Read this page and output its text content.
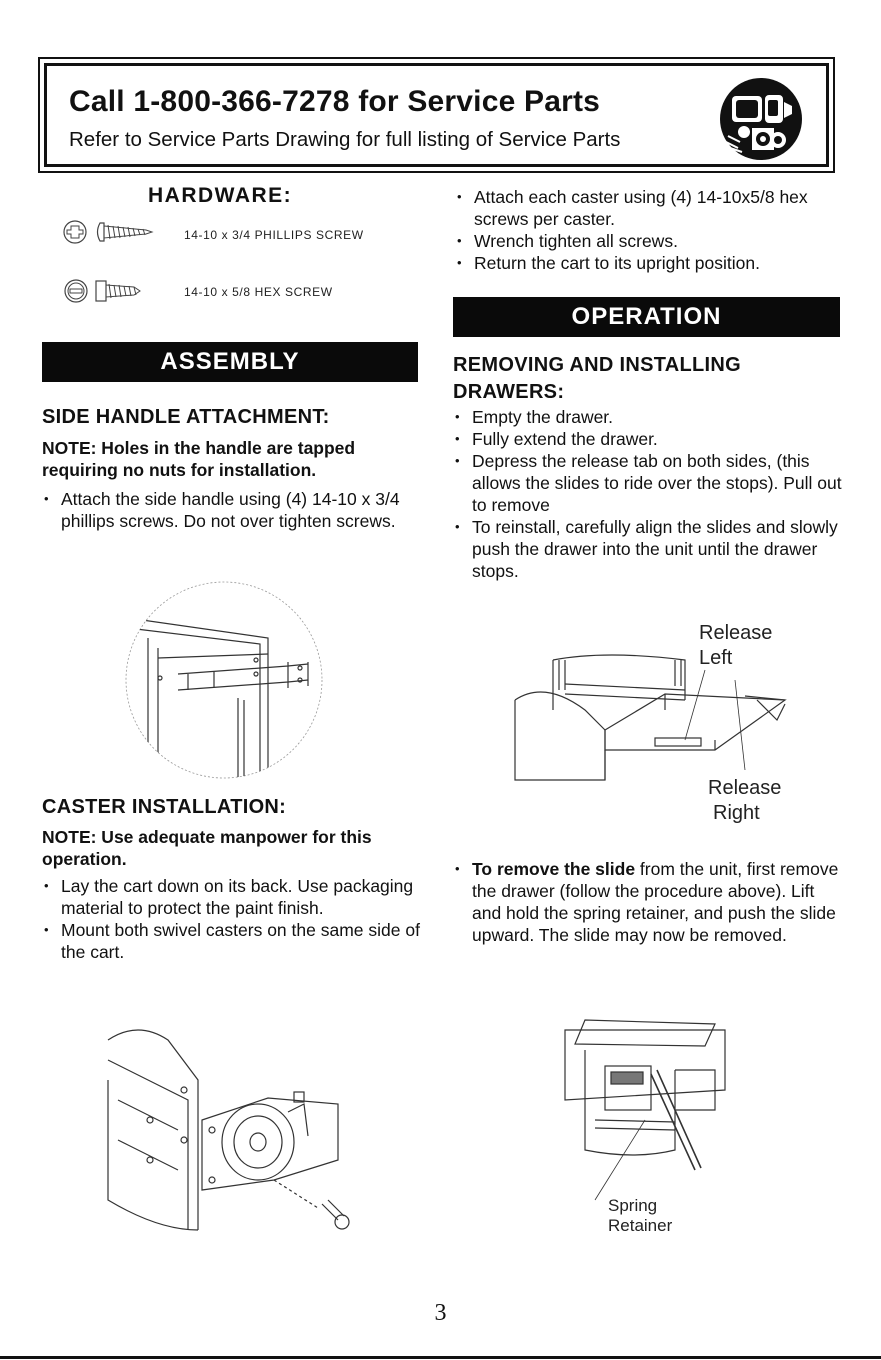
Call 1-800-366-7278 for Service Parts
Refer to Service Parts Drawing for full listing of Service Parts
HARDWARE:
14-10 x 3/4 PHILLIPS SCREW
14-10 x 5/8 HEX SCREW
ASSEMBLY
SIDE HANDLE ATTACHMENT:
NOTE: Holes in the handle are tapped requiring no nuts for installation.
• Attach the side handle using (4) 14-10 x 3/4 phillips screws. Do not over tighten screws.
CASTER INSTALLATION:
NOTE: Use adequate manpower for this operation.
• Lay the cart down on its back. Use packaging material to protect the paint finish.
• Mount both swivel casters on the same side of the cart.
• Attach each caster using (4) 14-10x5/8 hex screws per caster.
• Wrench tighten all screws.
• Return the cart to its upright position.
OPERATION
REMOVING AND INSTALLING DRAWERS:
• Empty the drawer.
• Fully extend the drawer.
• Depress the release tab on both sides, (this allows the slides to ride over the stops). Pull out to remove
• To reinstall, carefully align the slides and slowly push the drawer into the unit until the drawer stops.
Release
Left
Release
Right
• To remove the slide from the unit, first remove the drawer (follow the procedure above). Lift and hold the spring retainer, and push the slide upward. The slide may now be removed.
Spring
Retainer
3
